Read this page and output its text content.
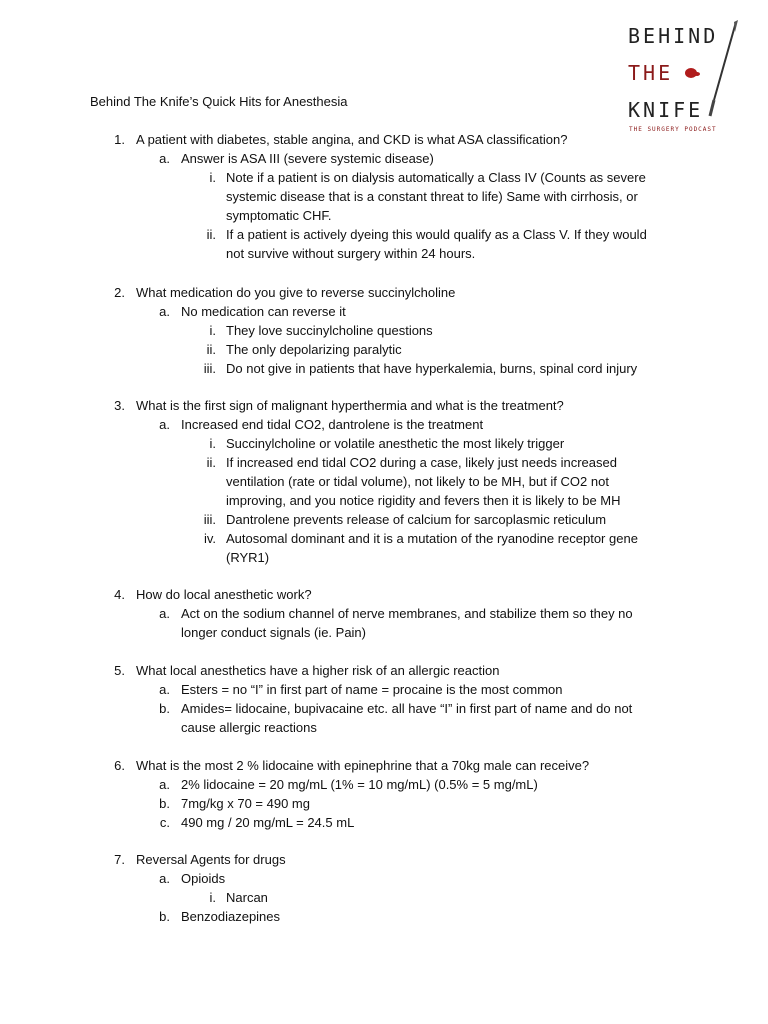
BEHIND
THE
KNIFE
THE SURGERY PODCAST
Behind The Knife’s Quick Hits for Anesthesia
1. A patient with diabetes, stable angina, and CKD is what ASA classification?
a. Answer is ASA III (severe systemic disease)
i. Note if a patient is on dialysis automatically a Class IV (Counts as severe
systemic disease that is a constant threat to life) Same with cirrhosis, or
symptomatic CHF.
ii. If a patient is actively dyeing this would qualify as a Class V. If they would
not survive without surgery within 24 hours.
2. What medication do you give to reverse succinylcholine
a. No medication can reverse it
i. They love succinylcholine questions
ii. The only depolarizing paralytic
iii. Do not give in patients that have hyperkalemia, burns, spinal cord injury
3. What is the first sign of malignant hyperthermia and what is the treatment?
a. Increased end tidal CO2, dantrolene is the treatment
i. Succinylcholine or volatile anesthetic the most likely trigger
ii. If increased end tidal CO2 during a case, likely just needs increased
ventilation (rate or tidal volume), not likely to be MH, but if CO2 not
improving, and you notice rigidity and fevers then it is likely to be MH
iii. Dantrolene prevents release of calcium for sarcoplasmic reticulum
iv. Autosomal dominant and it is a mutation of the ryanodine receptor gene
(RYR1)
4. How do local anesthetic work?
a. Act on the sodium channel of nerve membranes, and stabilize them so they no
longer conduct signals (ie. Pain)
5. What local anesthetics have a higher risk of an allergic reaction
a. Esters = no “I” in first part of name = procaine is the most common
b. Amides= lidocaine, bupivacaine etc. all have “I” in first part of name and do not
cause allergic reactions
6. What is the most 2 % lidocaine with epinephrine that a 70kg male can receive?
a. 2% lidocaine = 20 mg/mL (1% = 10 mg/mL) (0.5% = 5 mg/mL)
b. 7mg/kg x 70 = 490 mg
c. 490 mg / 20 mg/mL = 24.5 mL
7. Reversal Agents for drugs
a. Opioids
i. Narcan
b. Benzodiazepines
